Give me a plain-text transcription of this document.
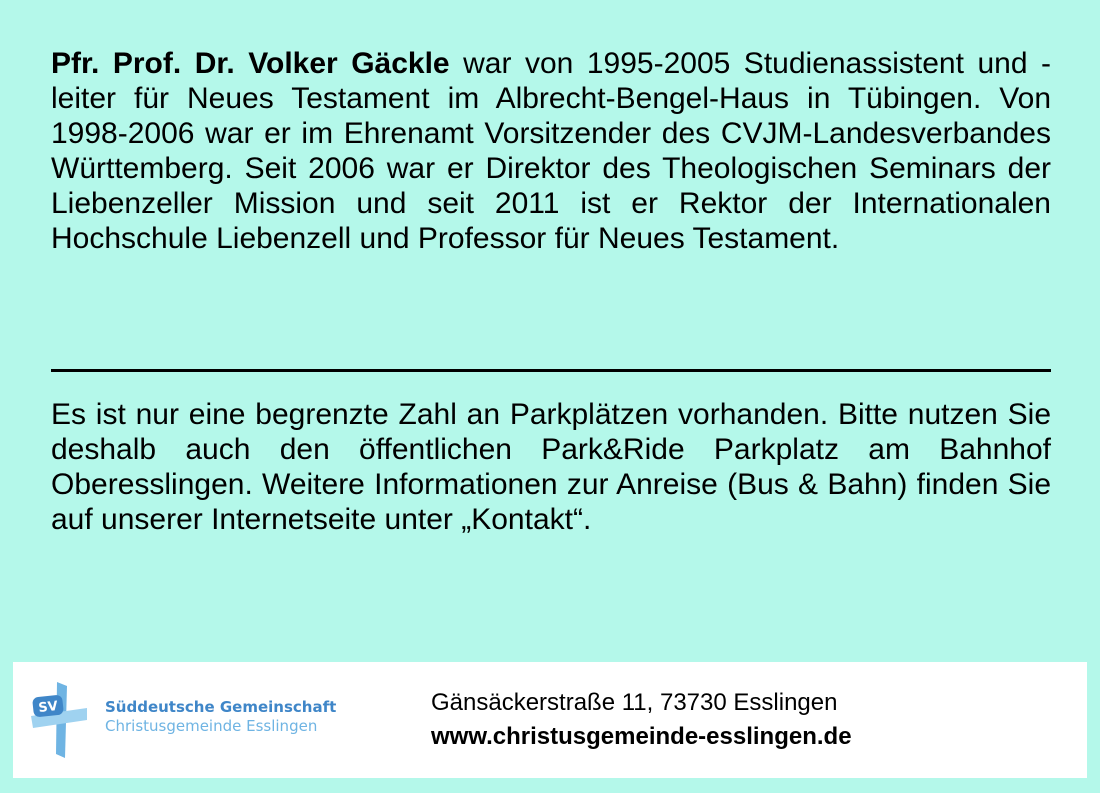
Pfr. Prof. Dr. Volker Gäckle war von 1995-2005 Studienassistent und -leiter für Neues Testament im Albrecht-Bengel-Haus in Tübingen. Von 1998-2006 war er im Ehrenamt Vorsitzender des CVJM-Landesverbandes Württemberg. Seit 2006 war er Direktor des Theologischen Seminars der Liebenzeller Mission und seit 2011 ist er Rektor der Internationalen Hochschule Liebenzell und Professor für Neues Testament.

Es ist nur eine begrenzte Zahl an Parkplätzen vorhanden. Bitte nutzen Sie deshalb auch den öffentlichen Park&Ride Parkplatz am Bahnhof Oberesslingen. Weitere Informationen zur Anreise (Bus & Bahn) finden Sie auf unserer Internetseite unter „Kontakt“.

SV	Süddeutsche Gemeinschaft
Christusgemeinde Esslingen
Gänsäckerstraße 11, 73730 Esslingen
www.christusgemeinde-esslingen.de
